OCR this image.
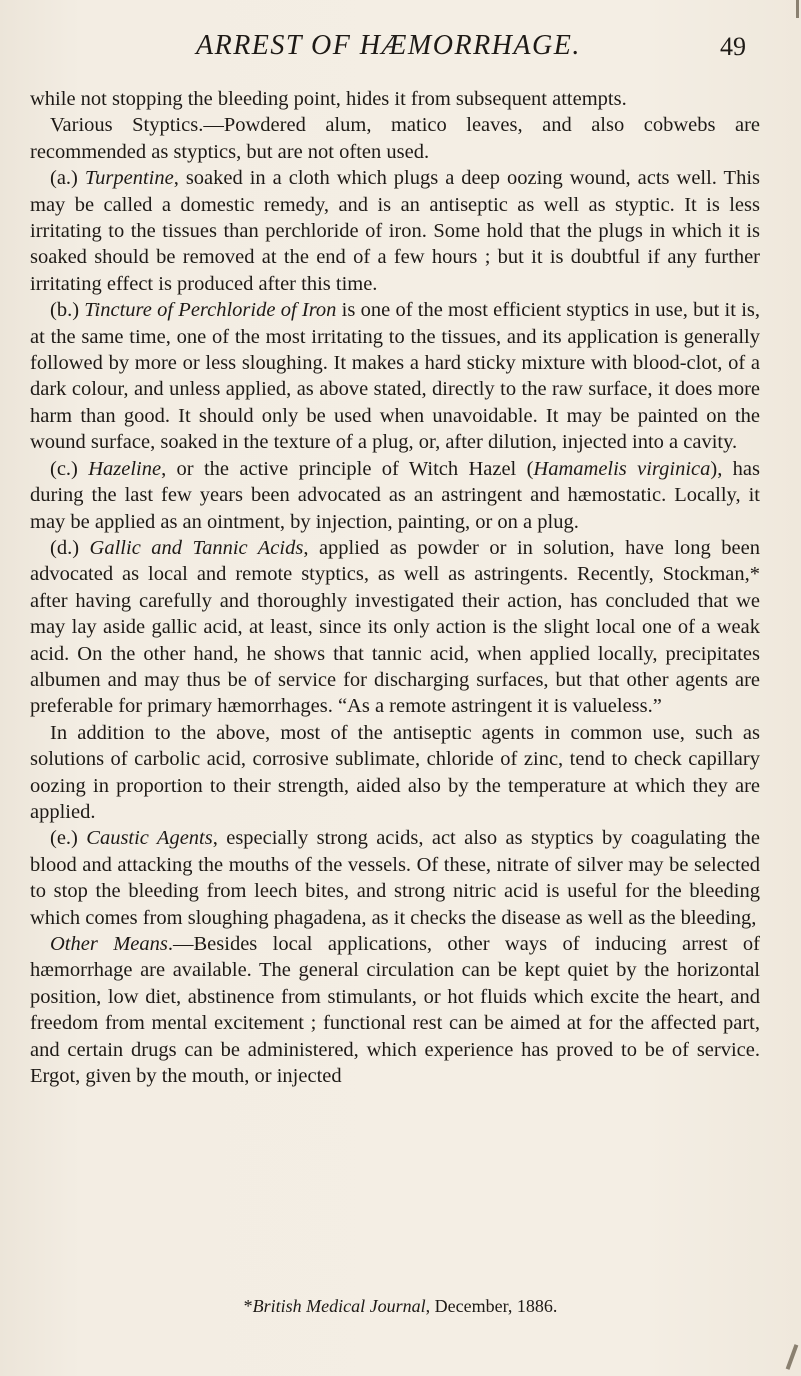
ARREST OF HÆMORRHAGE.	49

while not stopping the bleeding point, hides it from subsequent attempts.

Various Styptics.—Powdered alum, matico leaves, and also cobwebs are recommended as styptics, but are not often used.

(a.) Turpentine, soaked in a cloth which plugs a deep oozing wound, acts well. This may be called a domestic remedy, and is an antiseptic as well as styptic. It is less irritating to the tissues than perchloride of iron. Some hold that the plugs in which it is soaked should be removed at the end of a few hours ; but it is doubtful if any further irritating effect is produced after this time.

(b.) Tincture of Perchloride of Iron is one of the most efficient styptics in use, but it is, at the same time, one of the most irritating to the tissues, and its application is generally followed by more or less sloughing. It makes a hard sticky mixture with blood-clot, of a dark colour, and unless applied, as above stated, directly to the raw surface, it does more harm than good. It should only be used when unavoidable. It may be painted on the wound surface, soaked in the texture of a plug, or, after dilution, injected into a cavity.

(c.) Hazeline, or the active principle of Witch Hazel (Hamamelis virginica), has during the last few years been advocated as an astringent and hæmostatic. Locally, it may be applied as an ointment, by injection, painting, or on a plug.

(d.) Gallic and Tannic Acids, applied as powder or in solution, have long been advocated as local and remote styptics, as well as astringents. Recently, Stockman,* after having carefully and thoroughly investigated their action, has concluded that we may lay aside gallic acid, at least, since its only action is the slight local one of a weak acid. On the other hand, he shows that tannic acid, when applied locally, precipitates albumen and may thus be of service for discharging surfaces, but that other agents are preferable for primary hæmorrhages. “As a remote astringent it is valueless.”

In addition to the above, most of the antiseptic agents in common use, such as solutions of carbolic acid, corrosive sublimate, chloride of zinc, tend to check capillary oozing in proportion to their strength, aided also by the temperature at which they are applied.

(e.) Caustic Agents, especially strong acids, act also as styptics by coagulating the blood and attacking the mouths of the vessels. Of these, nitrate of silver may be selected to stop the bleeding from leech bites, and strong nitric acid is useful for the bleeding which comes from sloughing phagadena, as it checks the disease as well as the bleeding,

Other Means.—Besides local applications, other ways of inducing arrest of hæmorrhage are available. The general circulation can be kept quiet by the horizontal position, low diet, abstinence from stimulants, or hot fluids which excite the heart, and freedom from mental excitement ; functional rest can be aimed at for the affected part, and certain drugs can be administered, which experience has proved to be of service. Ergot, given by the mouth, or injected

*British Medical Journal, December, 1886.
